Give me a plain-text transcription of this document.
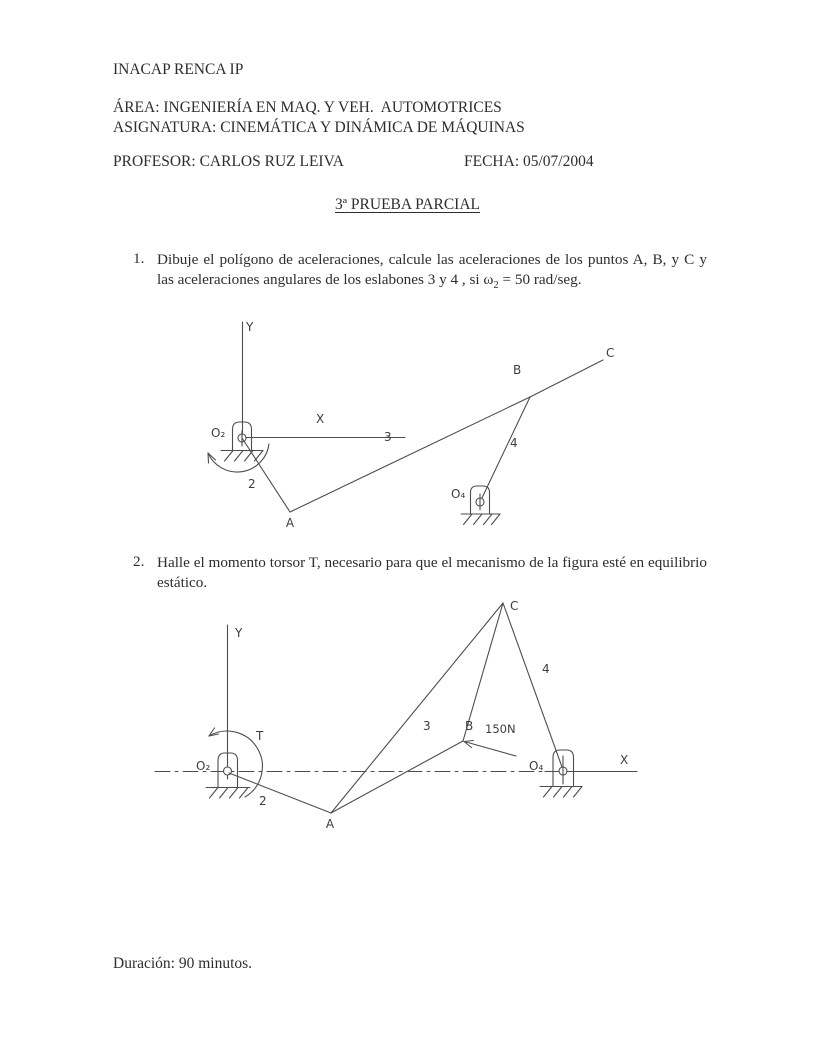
INACAP RENCA IP
ÁREA: INGENIERÍA EN MAQ. Y VEH.  AUTOMOTRICES
ASIGNATURA: CINEMÁTICA Y DINÁMICA DE MÁQUINAS
PROFESOR: CARLOS RUZ LEIVA	FECHA: 05/07/2004
3ª PRUEBA PARCIAL
1. Dibuje el polígono de aceleraciones, calcule las aceleraciones de los puntos A, B, y C y las aceleraciones angulares de los eslabones 3 y 4 , si $\omega_2 = 50$ rad/seg.
2. Halle el momento torsor T, necesario para que el mecanismo de la figura esté en equilibrio estático.
Y
X
O₂
2
A
3
B
C
4
O₄
Y
O₂
T
2
A
3	B 150N
C
4
O₄	X
Duración: 90 minutos.
